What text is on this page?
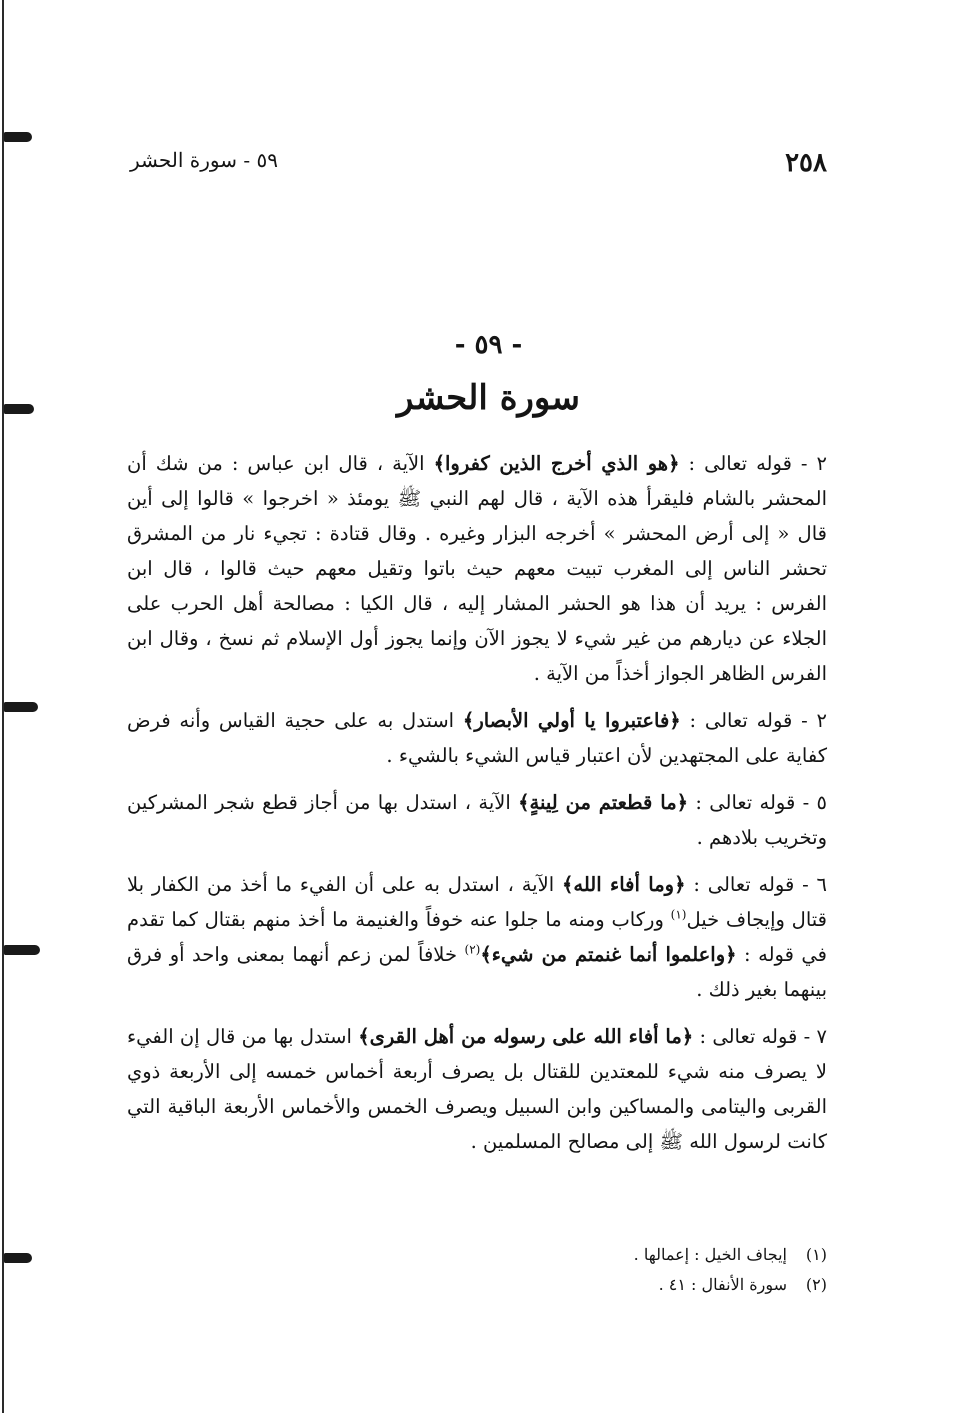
٢٥٨
٥٩ - سورة الحشر
- ٥٩ -
سورة الحشر

٢ - قوله تعالى : ﴿هو الذي أخرج الذين كفروا﴾ الآية ، قال ابن عباس : من شك أن المحشر بالشام فليقرأ هذه الآية ، قال لهم النبي ﷺ يومئذ « اخرجوا » قالوا إلى أين قال « إلى أرض المحشر » أخرجه البزار وغيره . وقال قتادة : تجيء نار من المشرق تحشر الناس إلى المغرب تبيت معهم حيث باتوا وتقيل معهم حيث قالوا ، قال ابن الفرس : يريد أن هذا هو الحشر المشار إليه ، قال الكيا : مصالحة أهل الحرب على الجلاء عن ديارهم من غير شيء لا يجوز الآن وإنما يجوز أول الإسلام ثم نسخ ، وقال ابن الفرس الظاهر الجواز أخذاً من الآية .

٢ - قوله تعالى : ﴿فاعتبروا يا أولي الأبصار﴾ استدل به على حجية القياس وأنه فرض كفاية على المجتهدين لأن اعتبار قياس الشيء بالشيء .

٥ - قوله تعالى : ﴿ما قطعتم من لِينةٍ﴾ الآية ، استدل بها من أجاز قطع شجر المشركين وتخريب بلادهم .

٦ - قوله تعالى : ﴿وما أفاء الله﴾ الآية ، استدل به على أن الفيء ما أخذ من الكفار بلا قتال وإيجاف خيل$^{(١)}$ وركاب ومنه ما جلوا عنه خوفاً والغنيمة ما أخذ منهم بقتال كما تقدم في قوله : ﴿واعلموا أنما غنمتم من شيء﴾$^{(٢)}$ خلافاً لمن زعم أنهما بمعنى واحد أو فرق بينهما بغير ذلك .

٧ - قوله تعالى : ﴿ما أفاء الله على رسوله من أهل القرى﴾ استدل بها من قال إن الفيء لا يصرف منه شيء للمعتدين للقتال بل يصرف أربعة أخماس خمسه إلى الأربعة ذوي القربى واليتامى والمساكين وابن السبيل ويصرف الخمس والأخماس الأربعة الباقية التي كانت لرسول الله ﷺ إلى مصالح المسلمين .

(١)إيجاف الخيل : إعمالها .
(٢)سورة الأنفال : ٤١ .
